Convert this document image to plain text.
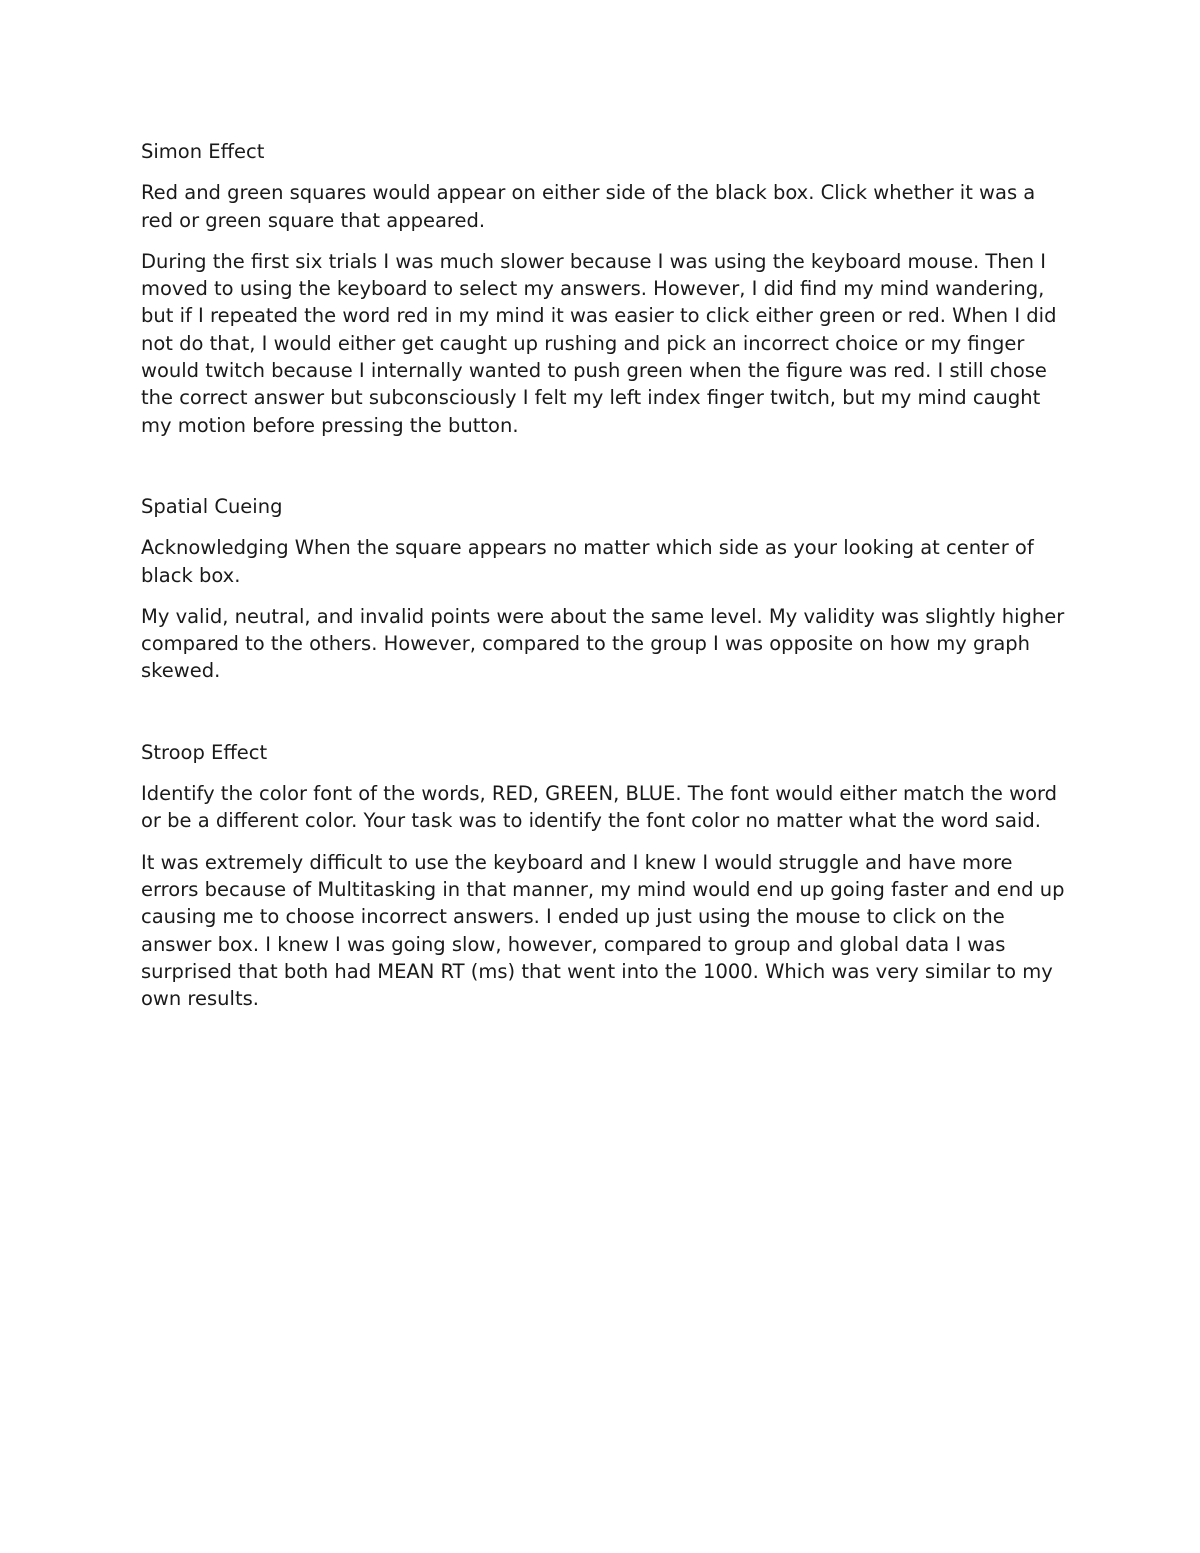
Simon Effect

Red and green squares would appear on either side of the black box. Click whether it was a red or green square that appeared.

During the first six trials I was much slower because I was using the keyboard mouse. Then I moved to using the keyboard to select my answers. However, I did find my mind wandering, but if I repeated the word red in my mind it was easier to click either green or red. When I did not do that, I would either get caught up rushing and pick an incorrect choice or my finger would twitch because I internally wanted to push green when the figure was red. I still chose the correct answer but subconsciously I felt my left index finger twitch, but my mind caught my motion before pressing the button.

Spatial Cueing

Acknowledging When the square appears no matter which side as your looking at center of black box.

My valid, neutral, and invalid points were about the same level. My validity was slightly higher compared to the others. However, compared to the group I was opposite on how my graph skewed.

Stroop Effect

Identify the color font of the words, RED, GREEN, BLUE. The font would either match the word or be a different color. Your task was to identify the font color no matter what the word said.

It was extremely difficult to use the keyboard and I knew I would struggle and have more errors because of Multitasking in that manner, my mind would end up going faster and end up causing me to choose incorrect answers. I ended up just using the mouse to click on the answer box. I knew I was going slow, however, compared to group and global data I was surprised that both had MEAN RT (ms) that went into the 1000. Which was very similar to my own results.
